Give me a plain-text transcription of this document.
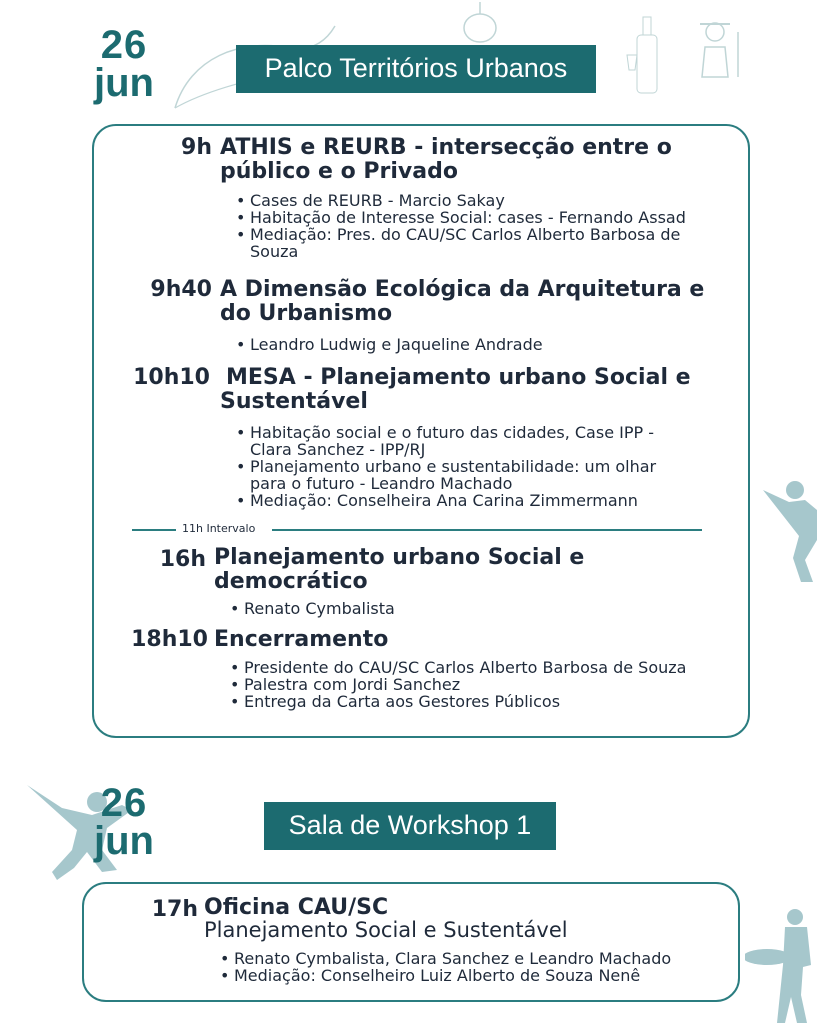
26
jun	Palco Territórios Urbanos
9h ATHIS e REURB - intersecção entre o
público e o Privado
• Cases de REURB - Marcio Sakay
• Habitação de Interesse Social: cases - Fernando Assad
• Mediação: Pres. do CAU/SC Carlos Alberto Barbosa de
Souza
9h40 A Dimensão Ecológica da Arquitetura e
do Urbanismo
• Leandro Ludwig e Jaqueline Andrade
10h10 MESA - Planejamento urbano Social e
Sustentável
• Habitação social e o futuro das cidades, Case IPP -
Clara Sanchez - IPP/RJ
• Planejamento urbano e sustentabilidade: um olhar
para o futuro - Leandro Machado
• Mediação: Conselheira Ana Carina Zimmermann
11h Intervalo
16h Planejamento urbano Social e
democrático
• Renato Cymbalista
18h10 Encerramento
• Presidente do CAU/SC Carlos Alberto Barbosa de Souza
• Palestra com Jordi Sanchez
• Entrega da Carta aos Gestores Públicos
26
jun	Sala de Workshop 1
17h Oficina CAU/SC
Planejamento Social e Sustentável
• Renato Cymbalista, Clara Sanchez e Leandro Machado
• Mediação: Conselheiro Luiz Alberto de Souza Nenê
